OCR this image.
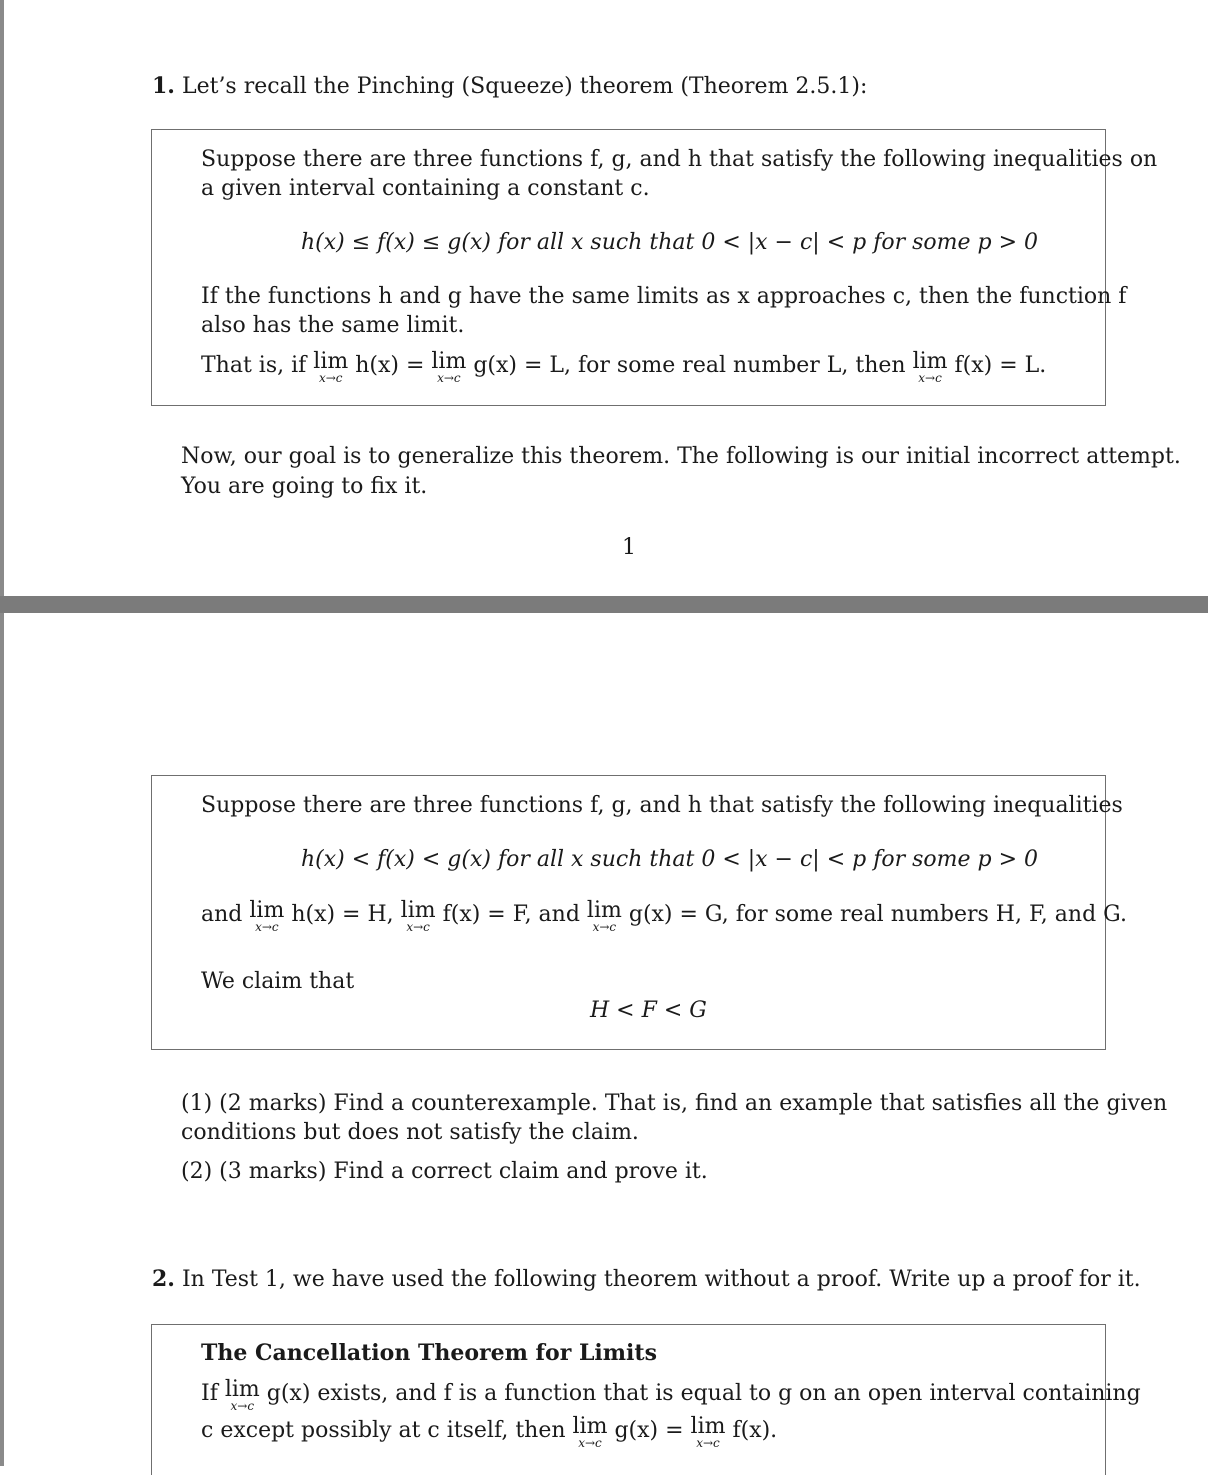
1. Let’s recall the Pinching (Squeeze) theorem (Theorem 2.5.1):
Suppose there are three functions f, g, and h that satisfy the following inequalities on
a given interval containing a constant c.
h(x) ≤ f(x) ≤ g(x) for all x such that 0 < |x − c| < p for some p > 0
If the functions h and g have the same limits as x approaches c, then the function f
also has the same limit.
That is, if lim
x→c h(x) = lim
x→c g(x) = L, for some real number L, then lim
x→c f(x) = L.
Now, our goal is to generalize this theorem. The following is our initial incorrect attempt.
You are going to fix it.
1
Suppose there are three functions f, g, and h that satisfy the following inequalities
h(x) < f(x) < g(x) for all x such that 0 < |x − c| < p for some p > 0
and lim
x→c h(x) = H, lim
x→c f(x) = F, and lim
x→c g(x) = G, for some real numbers H, F, and G.
We claim that
H < F < G
(1) (2 marks) Find a counterexample. That is, find an example that satisfies all the given
conditions but does not satisfy the claim.
(2) (3 marks) Find a correct claim and prove it.
2. In Test 1, we have used the following theorem without a proof. Write up a proof for it.
The Cancellation Theorem for Limits
If lim
x→c g(x) exists, and f is a function that is equal to g on an open interval containing
c except possibly at c itself, then lim
x→c g(x) = lim
x→c f(x).
